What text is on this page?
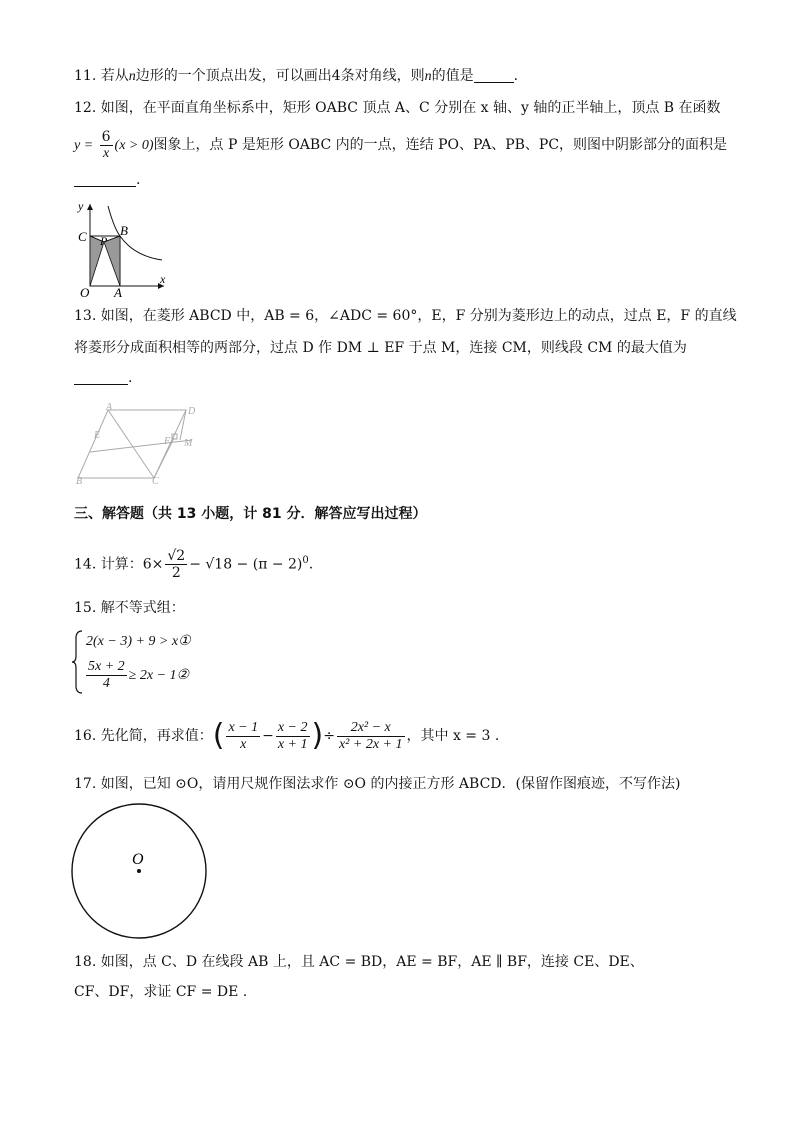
11. 若从n边形的一个顶点出发，可以画出4条对角线，则n的值是	.
12. 如图，在平面直角坐标系中，矩形 OABC 顶点 A、C 分别在 x 轴、y 轴的正半轴上，顶点 B 在函数
$y = \frac{6}{x} (x > 0)$图象上，点 P 是矩形 OABC 内的一点，连结 PO、PA、PB、PC，则图中阴影部分的面积是
.
y
x
C	B
P
O A
13. 如图，在菱形 ABCD 中，AB = 6，∠ADC = 60°，E，F 分别为菱形边上的动点，过点 E，F 的直线
将菱形分成面积相等的两部分，过点 D 作 DM ⊥ EF 于点 M，连接 CM，则线段 CM 的最大值为
.
A	D
E
F M
B	C
三、解答题（共 13 小题，计 81 分．解答应写出过程）
14. 计算：$6\times \frac{√2}{2} - √18 - (\pi - 2)^0$.
15. 解不等式组：
2(x − 3) + 9 > x①
$\frac{5x + 2}{4} \ge 2x$ − 1②
16. 先化简，再求值：( $\frac{x - 1}{x} - \frac{x - 2}{x + 1}$ )÷ $\frac{\text{2x² − x}}{\text{x² + 2x + 1}}$ ，其中 x = 3 .
17. 如图，已知 ⊙O，请用尺规作图法求作 ⊙O 的内接正方形 ABCD．(保留作图痕迹，不写作法)
O
18. 如图，点 C、D 在线段 AB 上，且 AC = BD，AE = BF，AE ∥ BF，连接 CE、DE、
CF、DF，求证 CF = DE .
